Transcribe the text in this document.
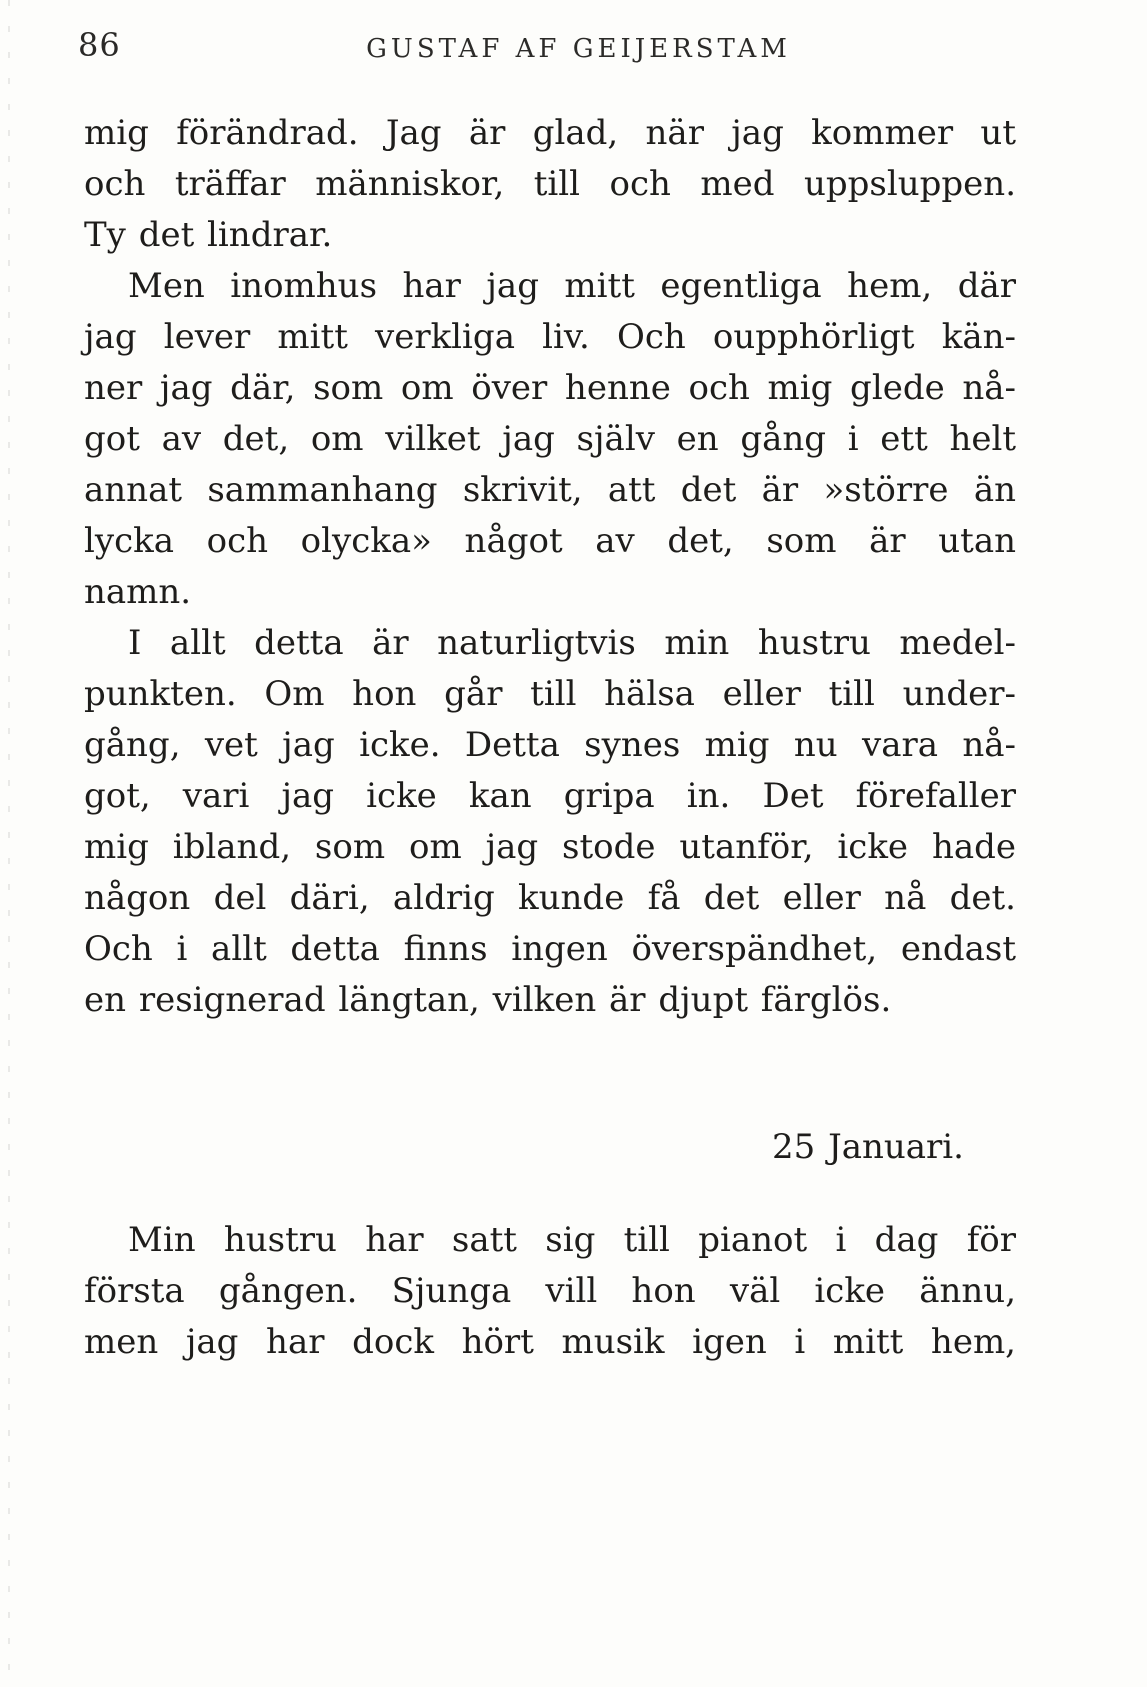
86	GUSTAF AF GEIJERSTAM
mig förändrad. Jag är glad, när jag kommer ut
och träffar människor, till och med uppsluppen.
Ty det lindrar.
Men inomhus har jag mitt egentliga hem, där
jag lever mitt verkliga liv. Och oupphörligt kän-
ner jag där, som om över henne och mig glede nå-
got av det, om vilket jag själv en gång i ett helt
annat sammanhang skrivit, att det är »större än
lycka och olycka» något av det, som är utan
namn.
I allt detta är naturligtvis min hustru medel-
punkten. Om hon går till hälsa eller till under-
gång, vet jag icke. Detta synes mig nu vara nå-
got, vari jag icke kan gripa in. Det förefaller
mig ibland, som om jag stode utanför, icke hade
någon del däri, aldrig kunde få det eller nå det.
Och i allt detta finns ingen överspändhet, endast
en resignerad längtan, vilken är djupt färglös.
25 Januari.
Min hustru har satt sig till pianot i dag för
första gången. Sjunga vill hon väl icke ännu,
men jag har dock hört musik igen i mitt hem,
